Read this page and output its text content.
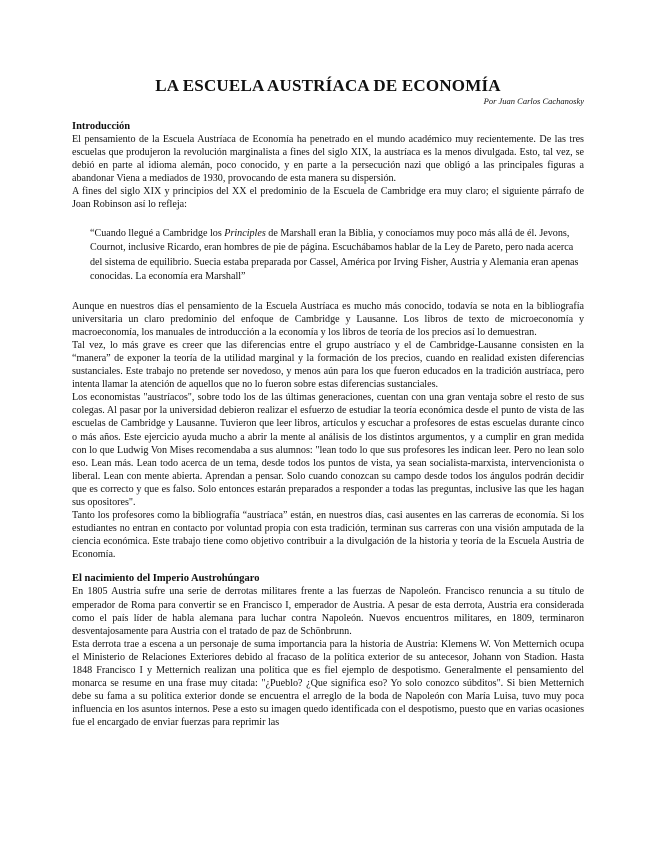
LA ESCUELA AUSTRÍACA DE ECONOMÍA
Por Juan Carlos Cachanosky
Introducción

El pensamiento de la Escuela Austríaca de Economía ha penetrado en el mundo académico muy recientemente. De las tres escuelas que produjeron la revolución marginalista a fines del siglo XIX, la austríaca es la menos divulgada. Esto, tal vez, se debió en parte al idioma alemán, poco conocido, y en parte a la persecución nazi que obligó a las principales figuras a abandonar Viena a mediados de 1930, provocando de esta manera su dispersión.

A fines del siglo XIX y principios del XX el predominio de la Escuela de Cambridge era muy claro; el siguiente párrafo de Joan Robinson así lo refleja:

“Cuando llegué a Cambridge los Principles de Marshall eran la Biblia, y conocíamos muy poco más allá de él. Jevons, Cournot, inclusive Ricardo, eran hombres de pie de página. Escuchábamos hablar de la Ley de Pareto, pero nada acerca del sistema de equilibrio. Suecia estaba preparada por Cassel, América por Irving Fisher, Austria y Alemania eran apenas conocidas. La economía era Marshall”

Aunque en nuestros días el pensamiento de la Escuela Austríaca es mucho más conocido, todavía se nota en la bibliografía universitaria un claro predominio del enfoque de Cambridge y Lausanne. Los libros de texto de microeconomía y macroeconomía, los manuales de introducción a la economía y los libros de teoría de los precios así lo demuestran.

Tal vez, lo más grave es creer que las diferencias entre el grupo austríaco y el de Cambridge-Lausanne consisten en la “manera” de exponer la teoría de la utilidad marginal y la formación de los precios, cuando en realidad existen diferencias sustanciales. Este trabajo no pretende ser novedoso, y menos aún para los que fueron educados en la tradición austríaca, pero intenta llamar la atención de aquellos que no lo fueron sobre estas diferencias sustanciales.

Los economistas "austríacos", sobre todo los de las últimas generaciones, cuentan con una gran ventaja sobre el resto de sus colegas. Al pasar por la universidad debieron realizar el esfuerzo de estudiar la teoría económica desde el punto de vista de las escuelas de Cambridge y Lausanne. Tuvieron que leer libros, artículos y escuchar a profesores de estas escuelas durante cinco o más años. Este ejercicio ayuda mucho a abrir la mente al análisis de los distintos argumentos, y a cumplir en gran medida con lo que Ludwig Von Mises recomendaba a sus alumnos: "lean todo lo que sus profesores les indican leer. Pero no lean solo eso. Lean más. Lean todo acerca de un tema, desde todos los puntos de vista, ya sean socialista-marxista, intervencionista o liberal. Lean con mente abierta. Aprendan a pensar. Solo cuando conozcan su campo desde todos los ángulos podrán decidir que es correcto y que es falso. Solo entonces estarán preparados a responder a todas las preguntas, inclusive las que les hagan sus opositores".

Tanto los profesores como la bibliografía “austríaca” están, en nuestros días, casi ausentes en las carreras de economía. Si los estudiantes no entran en contacto por voluntad propia con esta tradición, terminan sus carreras con una visión amputada de la ciencia económica. Este trabajo tiene como objetivo contribuir a la divulgación de la historia y teoría de la Escuela Austria de Economía.

El nacimiento del Imperio Austrohúngaro

En 1805 Austria sufre una serie de derrotas militares frente a las fuerzas de Napoleón. Francisco renuncia a su título de emperador de Roma para convertir se en Francisco I, emperador de Austria. A pesar de esta derrota, Austria era considerada como el país líder de habla alemana para luchar contra Napoleón. Nuevos encuentros militares, en 1809, terminaron desventajosamente para Austria con el tratado de paz de Schönbrunn.

Esta derrota trae a escena a un personaje de suma importancia para la historia de Austria: Klemens W. Von Metternich ocupa el Ministerio de Relaciones Exteriores debido al fracaso de la política exterior de su antecesor, Johann von Stadion. Hasta 1848 Francisco I y Metternich realizan una política que es fiel ejemplo de despotismo. Generalmente el pensamiento del monarca se resume en una frase muy citada: "¿Pueblo? ¿Que significa eso? Yo solo conozco súbditos". Si bien Metternich debe su fama a su política exterior donde se encuentra el arreglo de la boda de Napoleón con María Luisa, tuvo muy poca influencia en los asuntos internos. Pese a esto su imagen quedo identificada con el despotismo, puesto que en varias ocasiones fue el encargado de enviar fuerzas para reprimir las
